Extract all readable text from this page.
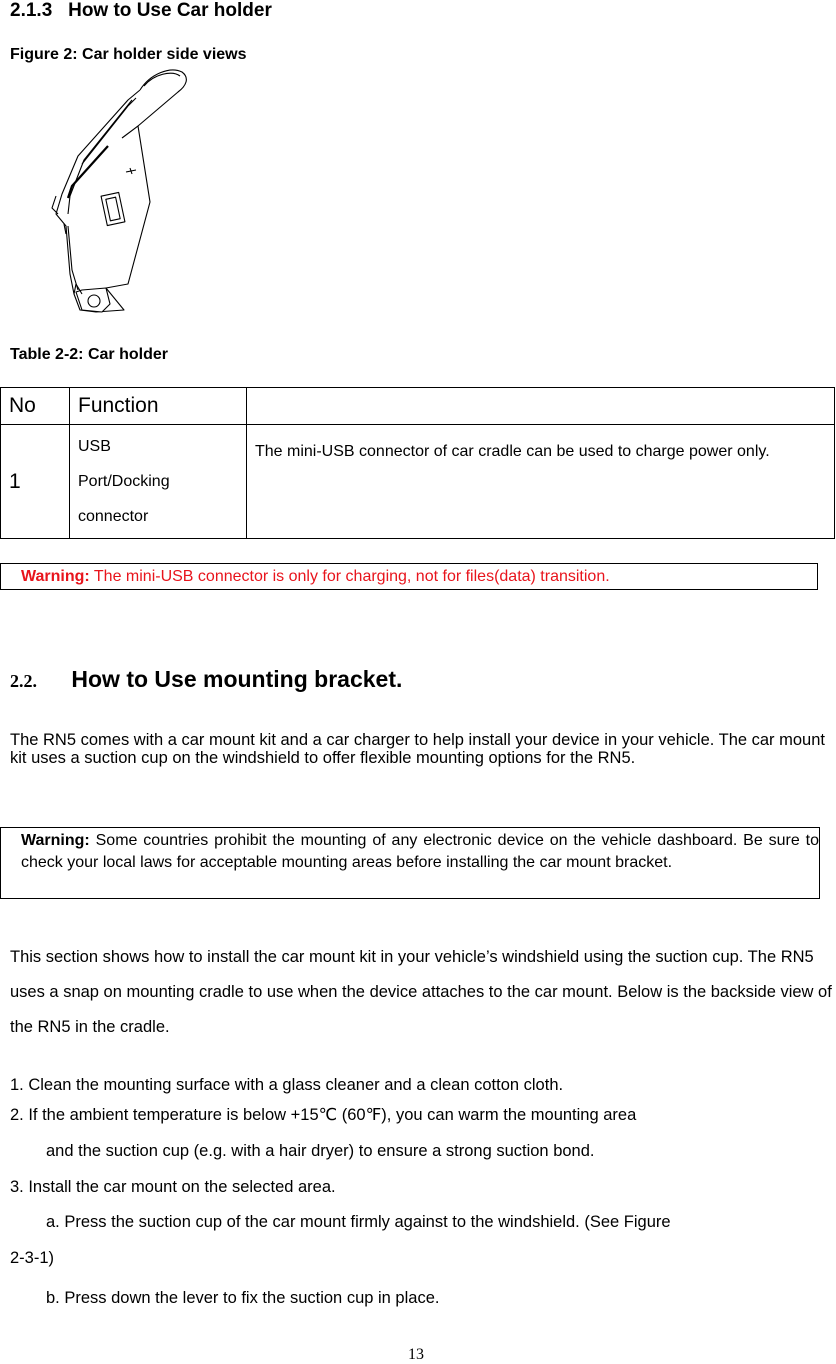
2.1.3   How to Use Car holder
Figure 2: Car holder side views
Table 2-2: Car holder
No	Function	
1	USB
Port/Docking
connector	The mini-USB connector of car cradle can be used to charge power only.
Warning: The mini-USB connector is only for charging, not for files(data) transition.
2.2. How to Use mounting bracket.
The RN5 comes with a car mount kit and a car charger to help install your device in your vehicle. The car mount kit uses a suction cup on the windshield to offer flexible mounting options for the RN5.
Warning: Some countries prohibit the mounting of any electronic device on the vehicle dashboard. Be sure to check your local laws for acceptable mounting areas before installing the car mount bracket.
This section shows how to install the car mount kit in your vehicle’s windshield using the suction cup. The RN5 uses a snap on mounting cradle to use when the device attaches to the car mount. Below is the backside view of the RN5 in the cradle.
1. Clean the mounting surface with a glass cleaner and a clean cotton cloth.
2. If the ambient temperature is below +15℃ (60℉), you can warm the mounting area
and the suction cup (e.g. with a hair dryer) to ensure a strong suction bond.
3. Install the car mount on the selected area.
a. Press the suction cup of the car mount firmly against to the windshield. (See Figure
2-3-1)
b. Press down the lever to fix the suction cup in place.
13
